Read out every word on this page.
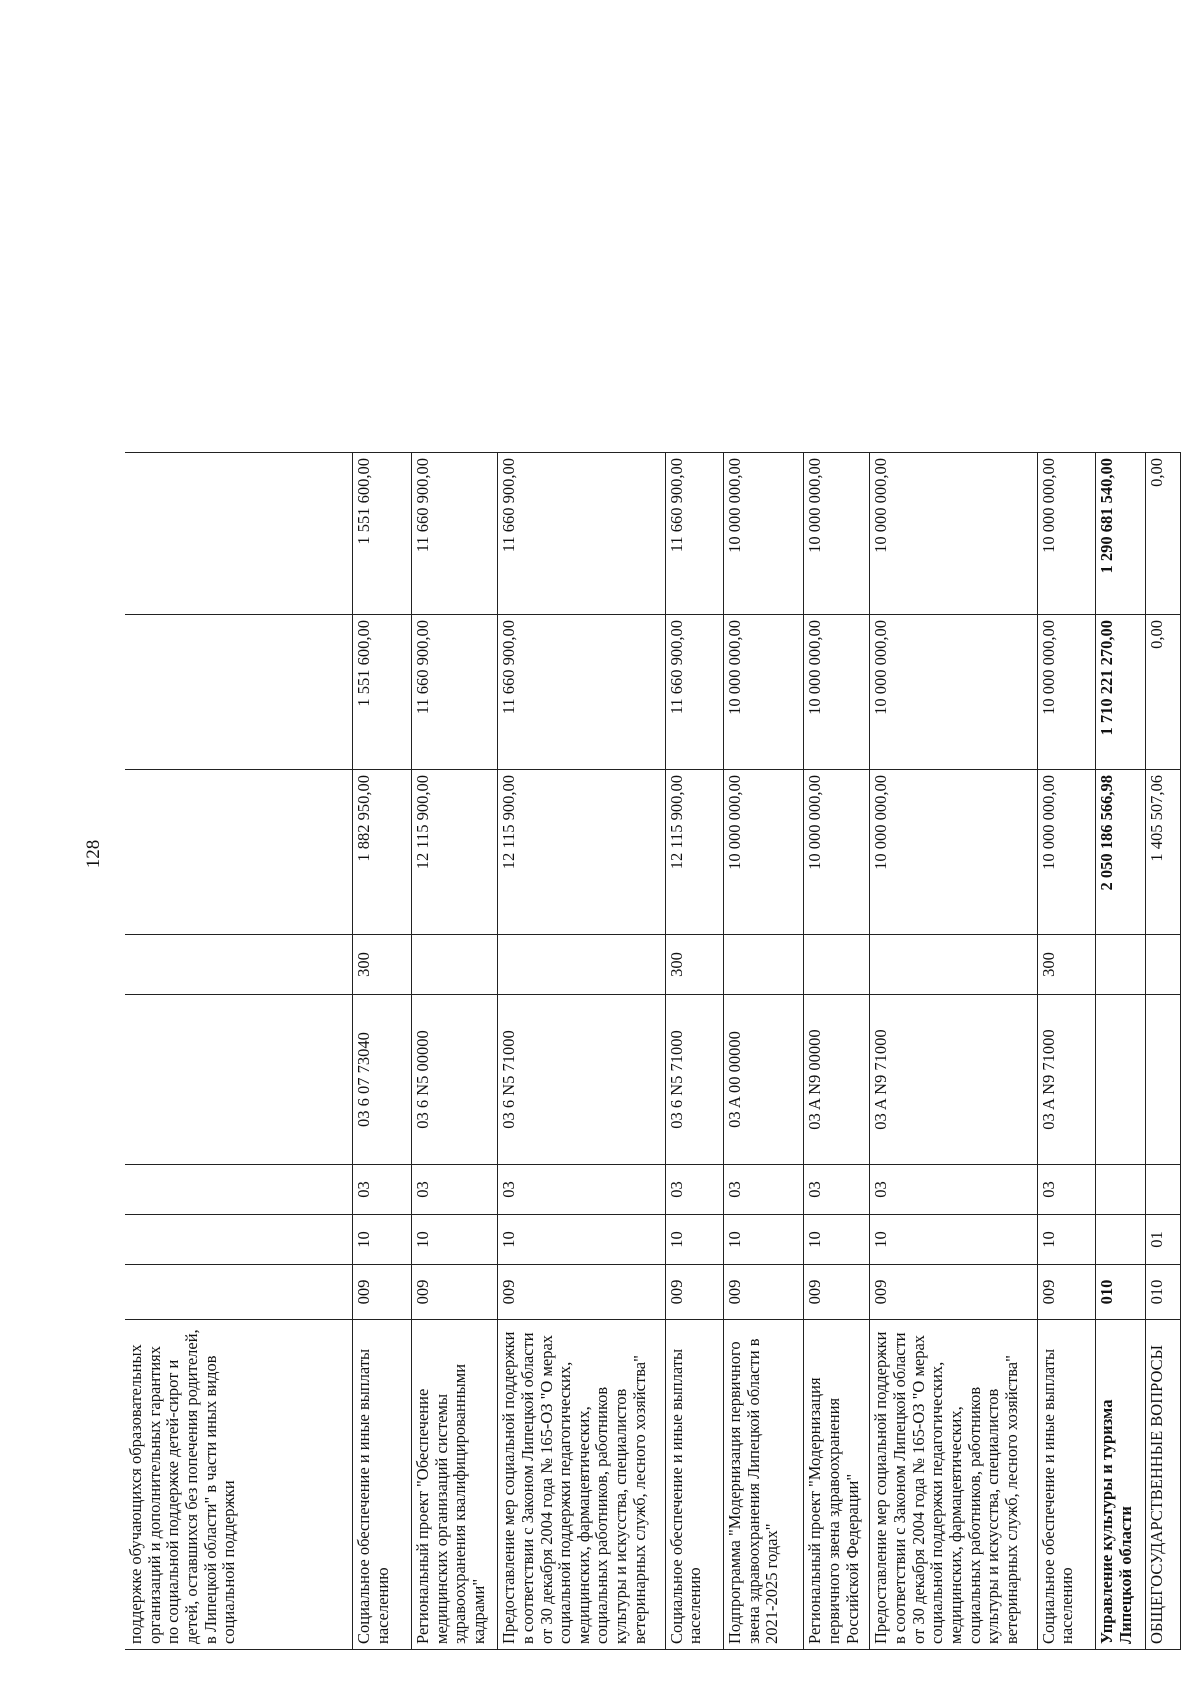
128
поддержке обучающихся образовательных организаций и дополнительных гарантиях по социальной поддержке детей-сирот и детей, оставшихся без попечения родителей, в Липецкой области" в части иных видов социальной поддержки								
Социальное обеспечение и иные выплаты населению	009	10	03	03 6 07 73040	300	1 882 950,00	1 551 600,00	1 551 600,00
Региональный проект "Обеспечение медицинских организаций системы здравоохранения квалифицированными кадрами"	009	10	03	03 6 N5 00000		12 115 900,00	11 660 900,00	11 660 900,00
Предоставление мер социальной поддержки в соответствии с Законом Липецкой области от 30 декабря 2004 года № 165-ОЗ "О мерах социальной поддержки педагогических, медицинских, фармацевтических, социальных работников, работников культуры и искусства, специалистов ветеринарных служб, лесного хозяйства"	009	10	03	03 6 N5 71000		12 115 900,00	11 660 900,00	11 660 900,00
Социальное обеспечение и иные выплаты населению	009	10	03	03 6 N5 71000	300	12 115 900,00	11 660 900,00	11 660 900,00
Подпрограмма "Модернизация первичного звена здравоохранения Липецкой области в 2021-2025 годах"	009	10	03	03 A 00 00000		10 000 000,00	10 000 000,00	10 000 000,00
Региональный проект "Модернизация первичного звена здравоохранения Российской Федерации"	009	10	03	03 A N9 00000		10 000 000,00	10 000 000,00	10 000 000,00
Предоставление мер социальной поддержки в соответствии с Законом Липецкой области от 30 декабря 2004 года № 165-ОЗ "О мерах социальной поддержки педагогических, медицинских, фармацевтических, социальных работников, работников культуры и искусства, специалистов ветеринарных служб, лесного хозяйства"	009	10	03	03 A N9 71000		10 000 000,00	10 000 000,00	10 000 000,00
Социальное обеспечение и иные выплаты населению	009	10	03	03 A N9 71000	300	10 000 000,00	10 000 000,00	10 000 000,00
Управление культуры и туризма Липецкой области	010					2 050 186 566,98	1 710 221 270,00	1 290 681 540,00
ОБЩЕГОСУДАРСТВЕННЫЕ ВОПРОСЫ	010	01				1 405 507,06	0,00	0,00
